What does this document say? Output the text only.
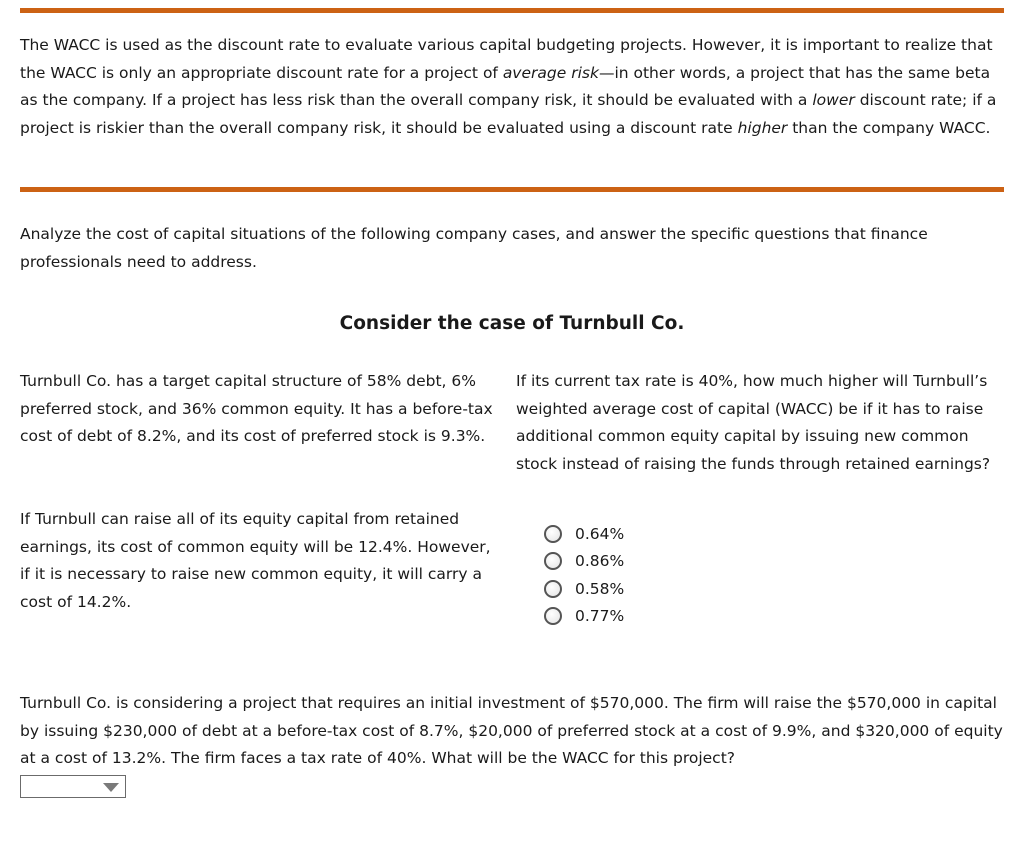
The WACC is used as the discount rate to evaluate various capital budgeting projects. However, it is important to realize that the WACC is only an appropriate discount rate for a project of average risk—in other words, a project that has the same beta as the company. If a project has less risk than the overall company risk, it should be evaluated with a lower discount rate; if a project is riskier than the overall company risk, it should be evaluated using a discount rate higher than the company WACC.

Analyze the cost of capital situations of the following company cases, and answer the specific questions that finance professionals need to address.

Consider the case of Turnbull Co.

Turnbull Co. has a target capital structure of 58% debt, 6% preferred stock, and 36% common equity. It has a before-tax cost of debt of 8.2%, and its cost of preferred stock is 9.3%.

If Turnbull can raise all of its equity capital from retained earnings, its cost of common equity will be 12.4%. However, if it is necessary to raise new common equity, it will carry a cost of 14.2%.

If its current tax rate is 40%, how much higher will Turnbull’s weighted average cost of capital (WACC) be if it has to raise additional common equity capital by issuing new common stock instead of raising the funds through retained earnings?

0.64%
0.86%
0.58%
0.77%

Turnbull Co. is considering a project that requires an initial investment of $570,000. The firm will raise the $570,000 in capital by issuing $230,000 of debt at a before-tax cost of 8.7%, $20,000 of preferred stock at a cost of 9.9%, and $320,000 of equity at a cost of 13.2%. The firm faces a tax rate of 40%. What will be the WACC for this project?
